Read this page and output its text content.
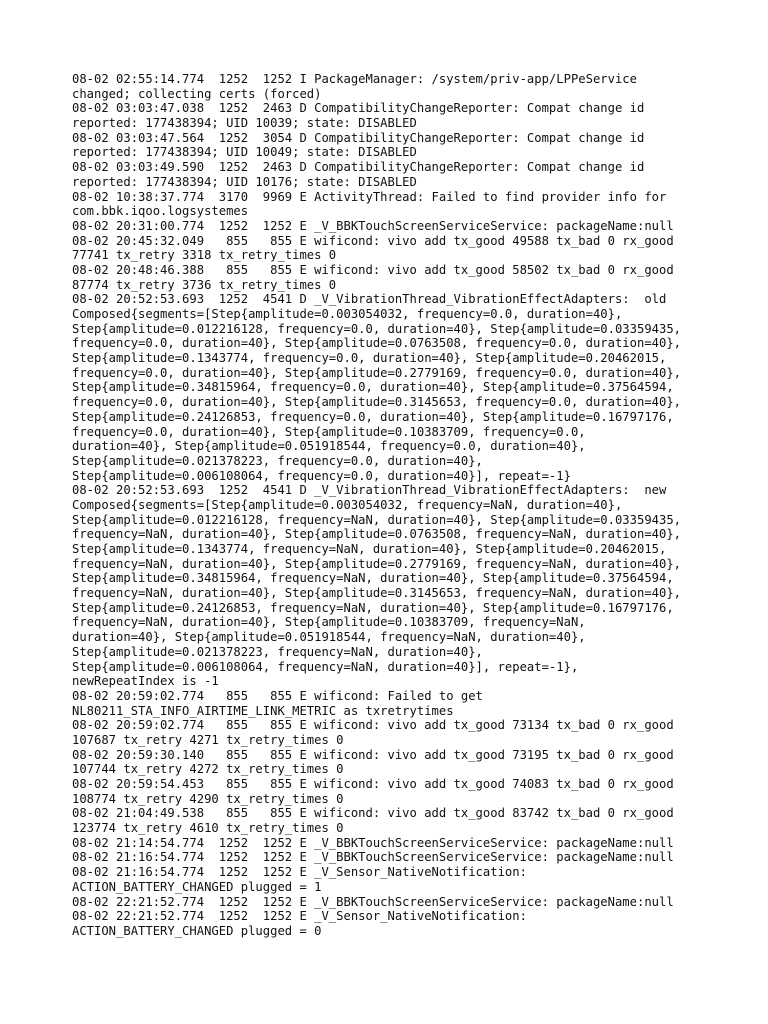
08-02 02:55:14.774  1252  1252 I PackageManager: /system/priv-app/LPPeService
changed; collecting certs (forced)
08-02 03:03:47.038  1252  2463 D CompatibilityChangeReporter: Compat change id
reported: 177438394; UID 10039; state: DISABLED
08-02 03:03:47.564  1252  3054 D CompatibilityChangeReporter: Compat change id
reported: 177438394; UID 10049; state: DISABLED
08-02 03:03:49.590  1252  2463 D CompatibilityChangeReporter: Compat change id
reported: 177438394; UID 10176; state: DISABLED
08-02 10:38:37.774  3170  9969 E ActivityThread: Failed to find provider info for
com.bbk.iqoo.logsystemes
08-02 20:31:00.774  1252  1252 E _V_BBKTouchScreenServiceService: packageName:null
08-02 20:45:32.049   855   855 E wificond: vivo add tx_good 49588 tx_bad 0 rx_good
77741 tx_retry 3318 tx_retry_times 0
08-02 20:48:46.388   855   855 E wificond: vivo add tx_good 58502 tx_bad 0 rx_good
87774 tx_retry 3736 tx_retry_times 0
08-02 20:52:53.693  1252  4541 D _V_VibrationThread_VibrationEffectAdapters:  old
Composed{segments=[Step{amplitude=0.003054032, frequency=0.0, duration=40},
Step{amplitude=0.012216128, frequency=0.0, duration=40}, Step{amplitude=0.03359435,
frequency=0.0, duration=40}, Step{amplitude=0.0763508, frequency=0.0, duration=40},
Step{amplitude=0.1343774, frequency=0.0, duration=40}, Step{amplitude=0.20462015,
frequency=0.0, duration=40}, Step{amplitude=0.2779169, frequency=0.0, duration=40},
Step{amplitude=0.34815964, frequency=0.0, duration=40}, Step{amplitude=0.37564594,
frequency=0.0, duration=40}, Step{amplitude=0.3145653, frequency=0.0, duration=40},
Step{amplitude=0.24126853, frequency=0.0, duration=40}, Step{amplitude=0.16797176,
frequency=0.0, duration=40}, Step{amplitude=0.10383709, frequency=0.0,
duration=40}, Step{amplitude=0.051918544, frequency=0.0, duration=40},
Step{amplitude=0.021378223, frequency=0.0, duration=40},
Step{amplitude=0.006108064, frequency=0.0, duration=40}], repeat=-1}
08-02 20:52:53.693  1252  4541 D _V_VibrationThread_VibrationEffectAdapters:  new
Composed{segments=[Step{amplitude=0.003054032, frequency=NaN, duration=40},
Step{amplitude=0.012216128, frequency=NaN, duration=40}, Step{amplitude=0.03359435,
frequency=NaN, duration=40}, Step{amplitude=0.0763508, frequency=NaN, duration=40},
Step{amplitude=0.1343774, frequency=NaN, duration=40}, Step{amplitude=0.20462015,
frequency=NaN, duration=40}, Step{amplitude=0.2779169, frequency=NaN, duration=40},
Step{amplitude=0.34815964, frequency=NaN, duration=40}, Step{amplitude=0.37564594,
frequency=NaN, duration=40}, Step{amplitude=0.3145653, frequency=NaN, duration=40},
Step{amplitude=0.24126853, frequency=NaN, duration=40}, Step{amplitude=0.16797176,
frequency=NaN, duration=40}, Step{amplitude=0.10383709, frequency=NaN,
duration=40}, Step{amplitude=0.051918544, frequency=NaN, duration=40},
Step{amplitude=0.021378223, frequency=NaN, duration=40},
Step{amplitude=0.006108064, frequency=NaN, duration=40}], repeat=-1},
newRepeatIndex is -1
08-02 20:59:02.774   855   855 E wificond: Failed to get
NL80211_STA_INFO_AIRTIME_LINK_METRIC as txretrytimes
08-02 20:59:02.774   855   855 E wificond: vivo add tx_good 73134 tx_bad 0 rx_good
107687 tx_retry 4271 tx_retry_times 0
08-02 20:59:30.140   855   855 E wificond: vivo add tx_good 73195 tx_bad 0 rx_good
107744 tx_retry 4272 tx_retry_times 0
08-02 20:59:54.453   855   855 E wificond: vivo add tx_good 74083 tx_bad 0 rx_good
108774 tx_retry 4290 tx_retry_times 0
08-02 21:04:49.538   855   855 E wificond: vivo add tx_good 83742 tx_bad 0 rx_good
123774 tx_retry 4610 tx_retry_times 0
08-02 21:14:54.774  1252  1252 E _V_BBKTouchScreenServiceService: packageName:null
08-02 21:16:54.774  1252  1252 E _V_BBKTouchScreenServiceService: packageName:null
08-02 21:16:54.774  1252  1252 E _V_Sensor_NativeNotification:
ACTION_BATTERY_CHANGED plugged = 1
08-02 22:21:52.774  1252  1252 E _V_BBKTouchScreenServiceService: packageName:null
08-02 22:21:52.774  1252  1252 E _V_Sensor_NativeNotification:
ACTION_BATTERY_CHANGED plugged = 0
